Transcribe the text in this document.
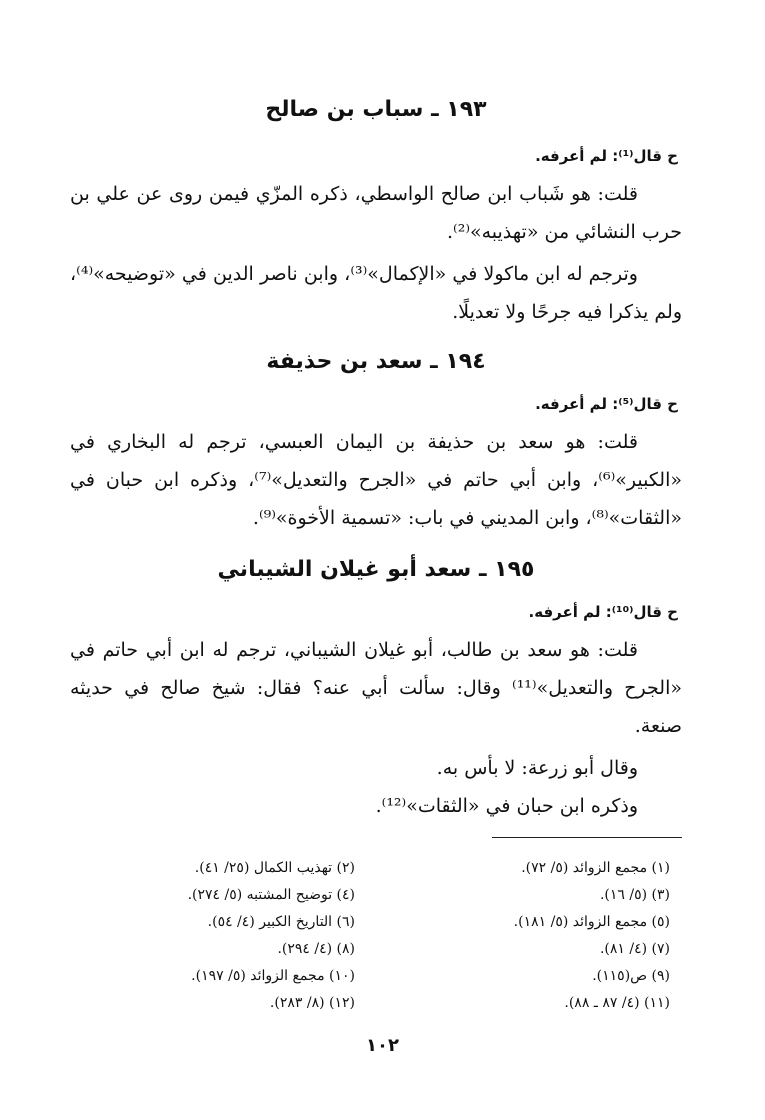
١٩٣ ـ سباب بن صالح

ح قال⁽¹⁾: لم أعرفه.

قلت: هو شَباب ابن صالح الواسطي، ذكره المزّي فيمن روى عن علي بن حرب النشائي من «تهذيبه»⁽²⁾.

وترجم له ابن ماكولا في «الإكمال»⁽³⁾، وابن ناصر الدين في «توضيحه»⁽⁴⁾، ولم يذكرا فيه جرحًا ولا تعديلًا.

١٩٤ ـ سعد بن حذيفة

ح قال⁽⁵⁾: لم أعرفه.

قلت: هو سعد بن حذيفة بن اليمان العبسي، ترجم له البخاري في «الكبير»⁽⁶⁾، وابن أبي حاتم في «الجرح والتعديل»⁽⁷⁾، وذكره ابن حبان في «الثقات»⁽⁸⁾، وابن المديني في باب: «تسمية الأخوة»⁽⁹⁾.

١٩٥ ـ سعد أبو غيلان الشيباني

ح قال⁽¹⁰⁾: لم أعرفه.

قلت: هو سعد بن طالب، أبو غيلان الشيباني، ترجم له ابن أبي حاتم في «الجرح والتعديل»⁽¹¹⁾ وقال: سألت أبي عنه؟ فقال: شيخ صالح في حديثه صنعة.

وقال أبو زرعة: لا بأس به.

وذكره ابن حبان في «الثقات»⁽¹²⁾.

(١) مجمع الزوائد (٥/ ٧٢).
(٢) تهذيب الكمال (٢٥/ ٤١).
(٣) (٥/ ١٦).
(٤) توضيح المشتبه (٥/ ٢٧٤).
(٥) مجمع الزوائد (٥/ ١٨١).
(٦) التاريخ الكبير (٤/ ٥٤).
(٧) (٤/ ٨١).
(٨) (٤/ ٢٩٤).
(٩) ص(١١٥).
(١٠) مجمع الزوائد (٥/ ١٩٧).
(١١) (٤/ ٨٧ ـ ٨٨).
(١٢) (٨/ ٢٨٣).
١٠٢
